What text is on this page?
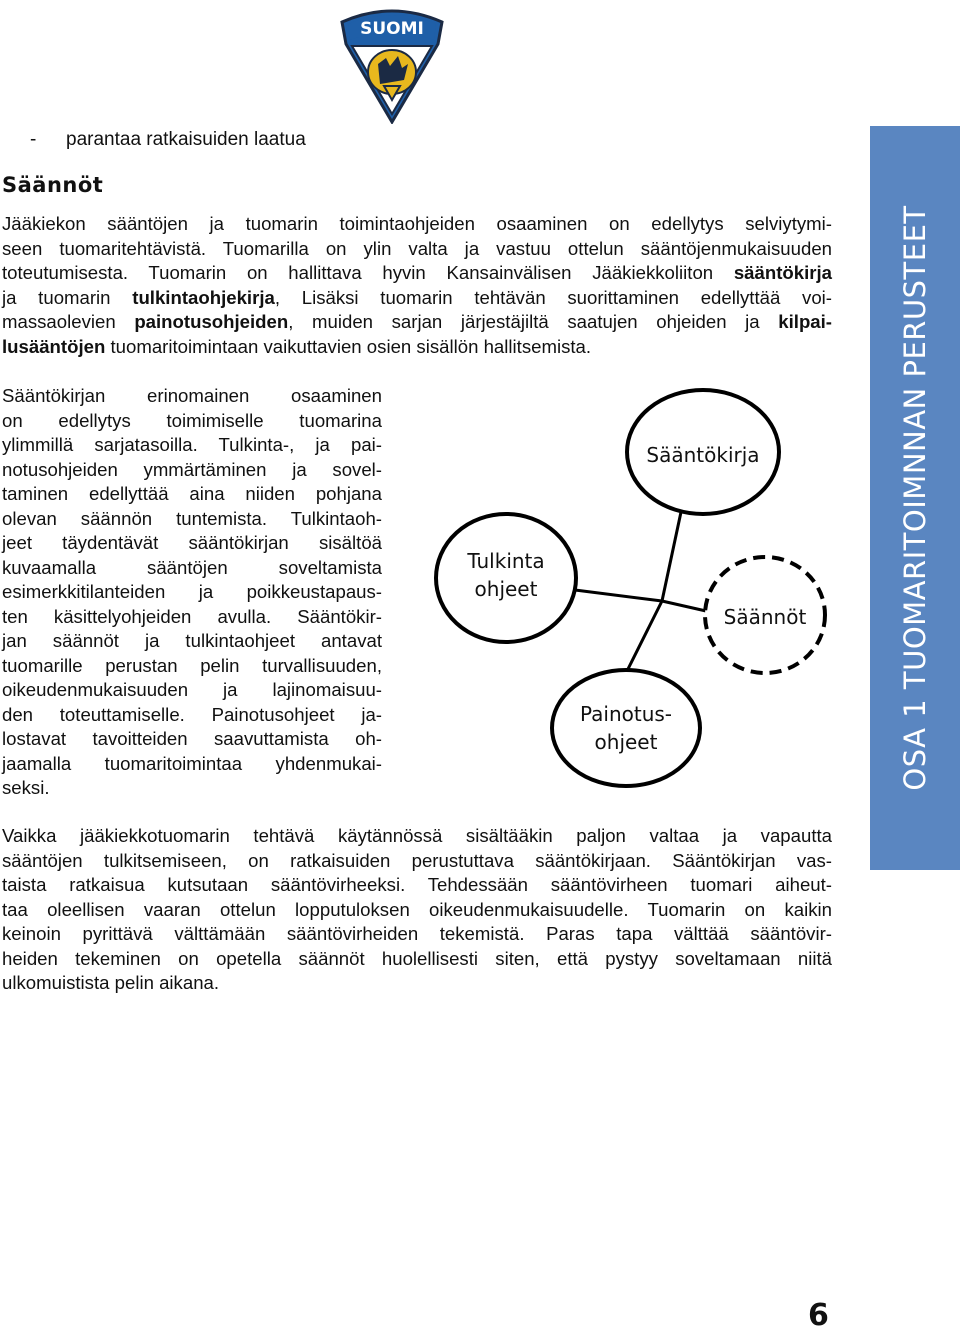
SUOMI
- parantaa ratkaisuiden laatua
Säännöt
Jääkiekon sääntöjen ja tuomarin toimintaohjeiden osaaminen on edellytys selviytymi-
seen tuomaritehtävistä. Tuomarilla on ylin valta ja vastuu ottelun sääntöjenmukaisuuden
toteutumisesta. Tuomarin on hallittava hyvin Kansainvälisen Jääkiekkoliiton sääntökirja
ja tuomarin tulkintaohjekirja, Lisäksi tuomarin tehtävän suorittaminen edellyttää voi-
massaolevien painotusohjeiden, muiden sarjan järjestäjiltä saatujen ohjeiden ja kilpai-
lusääntöjen tuomaritoimintaan vaikuttavien osien sisällön hallitsemista.
Sääntökirjan erinomainen osaaminen
on edellytys toimimiselle tuomarina
ylimmillä sarjatasoilla. Tulkinta-, ja pai-
notusohjeiden ymmärtäminen ja sovel-
taminen edellyttää aina niiden pohjana
olevan säännön tuntemista. Tulkintaoh-
jeet täydentävät sääntökirjan sisältöä
kuvaamalla sääntöjen soveltamista
esimerkkitilanteiden ja poikkeustapaus-
ten käsittelyohjeiden avulla. Sääntökir-
jan säännöt ja tulkintaohjeet antavat
tuomarille perustan pelin turvallisuuden,
oikeudenmukaisuuden ja lajinomaisuu-
den toteuttamiselle. Painotusohjeet ja-
lostavat tavoitteiden saavuttamista oh-
jaamalla tuomaritoimintaa yhdenmukai-
seksi.
Vaikka jääkiekkotuomarin tehtävä käytännössä sisältääkin paljon valtaa ja vapautta
sääntöjen tulkitsemiseen, on ratkaisuiden perustuttava sääntökirjaan. Sääntökirjan vas-
taista ratkaisua kutsutaan sääntövirheeksi. Tehdessään sääntövirheen tuomari aiheut-
taa oleellisen vaaran ottelun lopputuloksen oikeudenmukaisuudelle. Tuomarin on kaikin
keinoin pyrittävä välttämään sääntövirheiden tekemistä. Paras tapa välttää sääntövir-
heiden tekeminen on opetella säännöt huolellisesti siten, että pystyy soveltamaan niitä
ulkomuistista pelin aikana.
Sääntökirja
Tulkinta
ohjeet
Säännöt
Painotus-
ohjeet	OSA 1 TUOMARITOIMNNAN PERUSTEET
6
